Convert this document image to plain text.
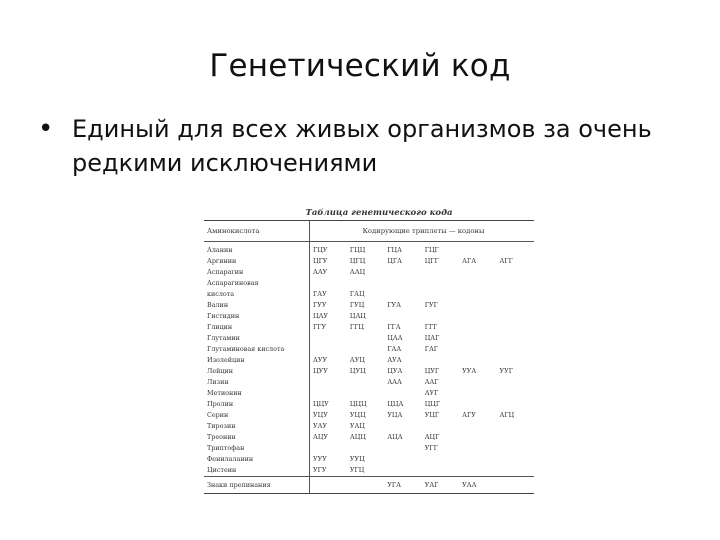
Генетический код
• Единый для всех живых организмов за очень редкими исключениями
Таблица генетического кода
Аминокислота	Кодирующие триплеты — кодоны					
Аланин	ГЦУ	ГЦЦ	ГЦА	ГЦГ		
Аргинин	ЦГУ	ЦГЦ	ЦГА	ЦГГ	АГА	АГГ
Аспарагин	ААУ	ААЦ				
Аспарагиновая						
кислота	ГАУ	ГАЦ				
Валин	ГУУ	ГУЦ	ГУА	ГУГ		
Гистидин	ЦАУ	ЦАЦ				
Глицин	ГГУ	ГГЦ	ГГА	ГГГ		
Глутамин			ЦАА	ЦАГ		
Глутаминовая кислота			ГАА	ГАГ		
Изолейцин	АУУ	АУЦ	АУА			
Лейцин	ЦУУ	ЦУЦ	ЦУА	ЦУГ	УУА	УУГ
Лизин			ААА	ААГ		
Метионин				АУГ		
Пролин	ЦЦУ	ЦЦЦ	ЦЦА	ЦЦГ		
Серин	УЦУ	УЦЦ	УЦА	УЦГ	АГУ	АГЦ
Тирозин	УАУ	УАЦ				
Треонин	АЦУ	АЦЦ	АЦА	АЦГ		
Триптофан				УГГ		
Фенилаланин	УУУ	УУЦ				
Цистеин	УГУ	УГЦ				
Знаки препинания			УГА	УАГ	УАА	
